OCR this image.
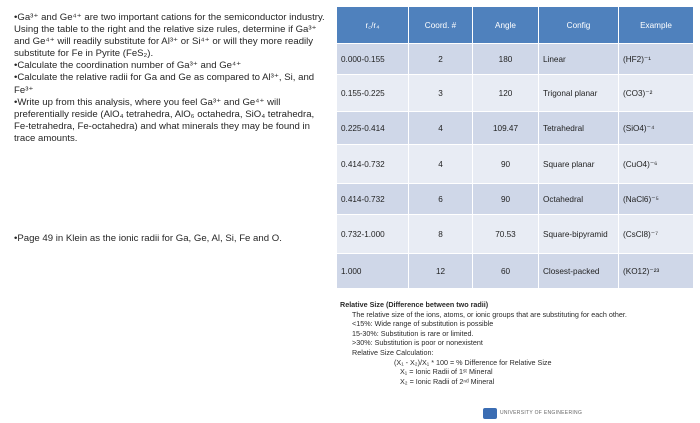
•Ga³⁺ and Ge⁴⁺ are two important cations for the semiconductor industry. Using the table to the right and the relative size rules, determine if Ga³⁺ and Ge⁴⁺ will readily substitute for Al³⁺ or Si⁴⁺ or will they more readily substitute for Fe in Pyrite (FeS₂).

•Calculate the coordination number of Ga³⁺ and Ge⁴⁺

•Calculate the relative radii for Ga and Ge as compared to Al³⁺, Si, and Fe³⁺

•Write up from this analysis, where you feel Ga³⁺ and Ge⁴⁺ will preferentially reside (AlO₄ tetrahedra, AlO₆ octahedra, SiO₄ tetrahedra, Fe-tetrahedra, Fe-octahedra) and what minerals they may be found in trace amounts.

•Page 49 in Klein as the ionic radii for Ga, Ge, Al, Si, Fe and O.
r꜀/r₄	Coord. #	Angle	Config	Example
0.000-0.155	2	180	Linear	(HF2)⁻¹
0.155-0.225	3	120	Trigonal planar	(CO3)⁻²
0.225-0.414	4	109.47	Tetrahedral	(SiO4)⁻⁴
0.414-0.732	4	90	Square planar	(CuO4)⁻⁶
0.414-0.732	6	90	Octahedral	(NaCl6)⁻⁵
0.732-1.000	8	70.53	Square-bipyramid	(CsCl8)⁻⁷
1.000	12	60	Closest-packed	(KO12)⁻²³
Relative Size (Difference between two radii)
The relative size of the ions, atoms, or ionic groups that are substituting for each other.
<15%: Wide range of substitution is possible
15-30%: Substitution is rare or limited.
>30%: Substitution is poor or nonexistent
Relative Size Calculation:
(X₁ - X₂)/X₁ * 100 = % Difference for Relative Size
X₁ = Ionic Radii of 1ˢᵗ Mineral
X₂ = Ionic Radii of 2ⁿᵈ Mineral
UNIVERSITY OF ENGINEERING
